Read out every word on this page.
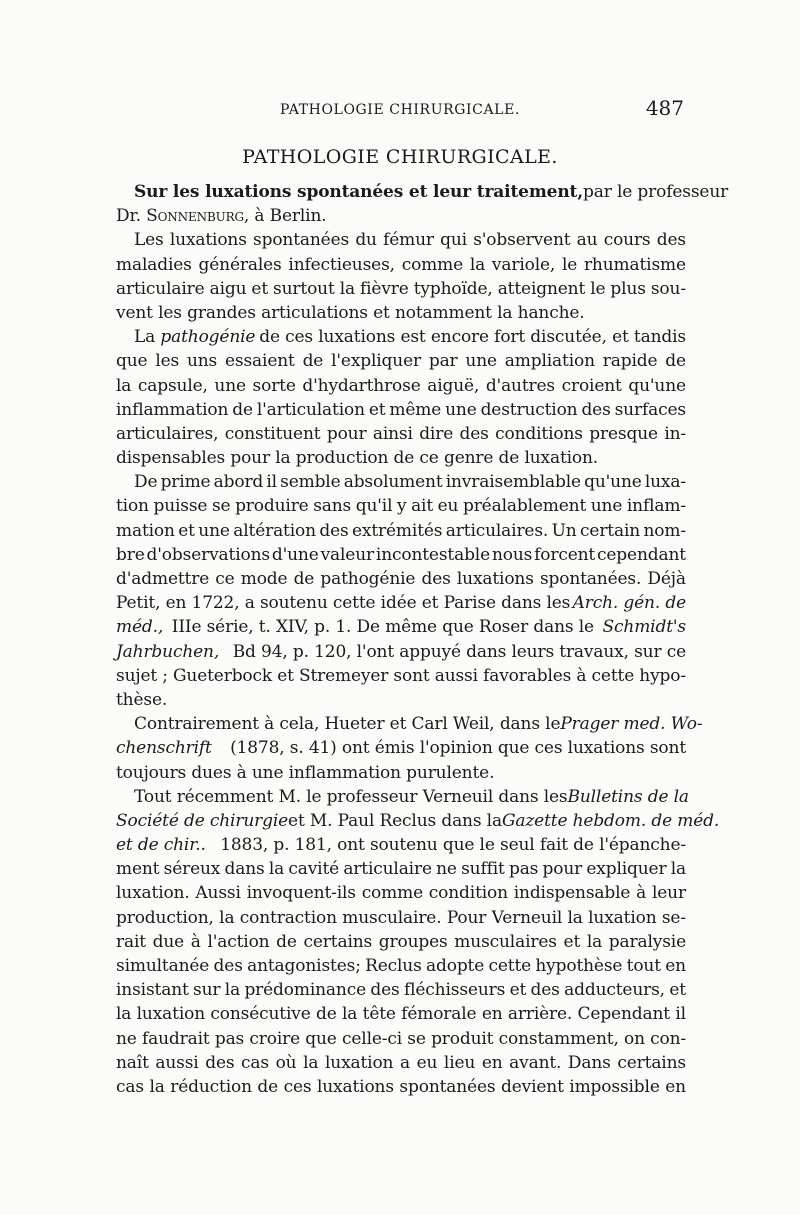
PATHOLOGIE CHIRURGICALE.	487
PATHOLOGIE CHIRURGICALE.
Sur les luxations spontanées et leur traitement, par le professeur
Dr.
Sonnenburg , à Berlin.
Les luxations spontanées du fémur qui s'observent au cours des
maladies générales infectieuses, comme la variole, le rhumatisme
articulaire aigu et surtout la fièvre typhoïde, atteignent le plus sou-
vent les grandes articulations et notamment la hanche.
La pathogénie de ces luxations est encore fort discutée, et tandis
que les uns essaient de l'expliquer par une ampliation rapide de
la capsule, une sorte d'hydarthrose aiguë, d'autres croient qu'une
inflammation de l'articulation et même une destruction des surfaces
articulaires, constituent pour ainsi dire des conditions presque in-
dispensables pour la production de ce genre de luxation.
De prime abord il semble absolument invraisemblable qu'une luxa-
tion puisse se produire sans qu'il y ait eu préalablement une inflam-
mation et une altération des extrémités articulaires. Un certain nom-
bre d'observations d'une valeur incontestable nous forcent cependant
d'admettre ce mode de pathogénie des luxations spontanées. Déjà
Petit, en 1722, a soutenu cette idée et Parise dans les Arch. gén. de
méd., IIIe série, t. XIV, p. 1. De même que Roser dans le Schmidt's
Jahrbuchen, Bd 94, p. 120, l'ont appuyé dans leurs travaux, sur ce
sujet ; Gueterbock et Stremeyer sont aussi favorables à cette hypo-
thèse.
Contrairement à cela, Hueter et Carl Weil, dans le Prager med. Wo-
chenschrift (1878, s. 41) ont émis l'opinion que ces luxations sont
toujours dues à une inflammation purulente.
Tout récemment M. le professeur Verneuil dans les Bulletins de la
Société de chirurgie et M. Paul Reclus dans la Gazette hebdom. de méd.
et de chir.. 1883, p. 181, ont soutenu que le seul fait de l'épanche-
ment séreux dans la cavité articulaire ne suffit pas pour expliquer la
luxation. Aussi invoquent-ils comme condition indispensable à leur
production, la contraction musculaire. Pour Verneuil la luxation se-
rait due à l'action de certains groupes musculaires et la paralysie
simultanée des antagonistes; Reclus adopte cette hypothèse tout en
insistant sur la prédominance des fléchisseurs et des adducteurs, et
la luxation consécutive de la tête fémorale en arrière. Cependant il
ne faudrait pas croire que celle-ci se produit constamment, on con-
naît aussi des cas où la luxation a eu lieu en avant. Dans certains
cas la réduction de ces luxations spontanées devient impossible en
